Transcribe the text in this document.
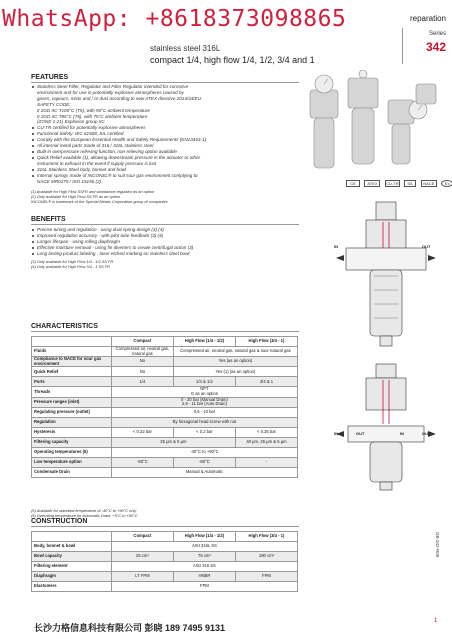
WhatsApp: +8618373098865	reparation
Series
342
stainless steel 316L
compact 1/4, high flow 1/4, 1/2, 3/4 and 1
FEATURES
Stainless Steel Filter, Regulator and Filter Regulator intended for corrosive
environment and for use in potentially explosive atmospheres caused by
gases, vapours, mists and / or dust according to new ATEX directive 2014/34/EU.
SAFETY CODE:
II 2GD IIC T100°C (T5), with 90°C ambient temperature
II 2GD IIC T85°C (T6), with 75°C ambient temperature
(ZONE 1-21) Explosion group IIC
CU-TR certified for potentially explosive atmospheres
Functional Safety: IEC 61508, SIL certified
Comply with the European Essential Health and Safety Requirements (EN13463-1)
All internal metal parts made of 316 / 316L stainless steel
Built-in overpressure relieving function, non-relieving option available
Quick Relief available (1), allowing downstream pressure in the actuator or other
instrument to exhaust in the event if supply pressure is lost
316L Stainless Steel body, bonnet and bowl
Internal springs made of INCONEL® to suit sour gas environment complying to
NACE MR0175 / ISO 15156 (2)
(1) Available for High Flow SSFR and standalone regulator as an option
(2) Only available for High Flow SS FR as an option
INCONEL® is trademark of the Special Metals Corporation group of companies
CE	ATEX CU-TR SIL NACE	Ex
BENEFITS
Precise tuning and regulation - using dual spring design (3) (4)
Improved regulation accuracy - with pilot tube feedback (3) (4)
Longer lifespan - using rolling diaphragm
Effective moisture removal - using fin diverters to create centrifugal action (3)
Long lasting product labeling - laser etched marking on stainless steel bowl
(3) Only available for High Flow 1/4 - 1/2 SS FR
(4) Only available for High Flow 3/4 - 1 SS FR
IN	OUT
IN	OUT	IN	OUT
CHARACTERISTICS
	Compact	High Flow (1/4 - 1/2)	High Flow (3/4 - 1)
Fluids	Compressed air, neutral gas, natural gas	Compressed air, neutral gas, natural gas & sour natural gas	
Compliance to NACE for sour gas environment	No	Yes (as an option)	
Quick Relief	No	Yes (1) (as an option)	
Ports	1/4	1/4 & 1/2	3/4 & 1
Threads	NPT
G as an option		
Pressure ranges (inlet)	0 - 20 bar (Manual Drain)
2,5 - 11 bar (Auto Drain)		
Regulating pressure (outlet)	0,5 - 10 bar		
Regulation	By hexagonal head screw with nut		
Hysteresis	< 0,32 bar	< 0,2 bar	< 0,25 bar
Filtering capacity	25 µm & 5 µm		40 µm, 25 µm & 5 µm
Operating temperatures (5)	-40°C to +90°C		
Low temperature option	-50°C	-60°C	-
Condensate Drain	Manual & Automatic		
(5) Available for standard temperature of -40°C to +90°C only
(5) Operating temperature for Automatic Drain: +5°C to +60°C
CONSTRUCTION
	Compact	High Flow (1/4 - 1/2)	High Flow (3/4 - 1)
Body, bonnet & bowl	AISI 316L SS		
Bowl capacity	25 cm³	75 cm³	180 cm³
Filtering element	AISI 316 SS		
Diaphragm	LT FPM	HNBR	FPM
Elastomers	FPM		
GB-342-R05
1
长沙力格信息科技有限公司 彭晓 189 7495 9131
